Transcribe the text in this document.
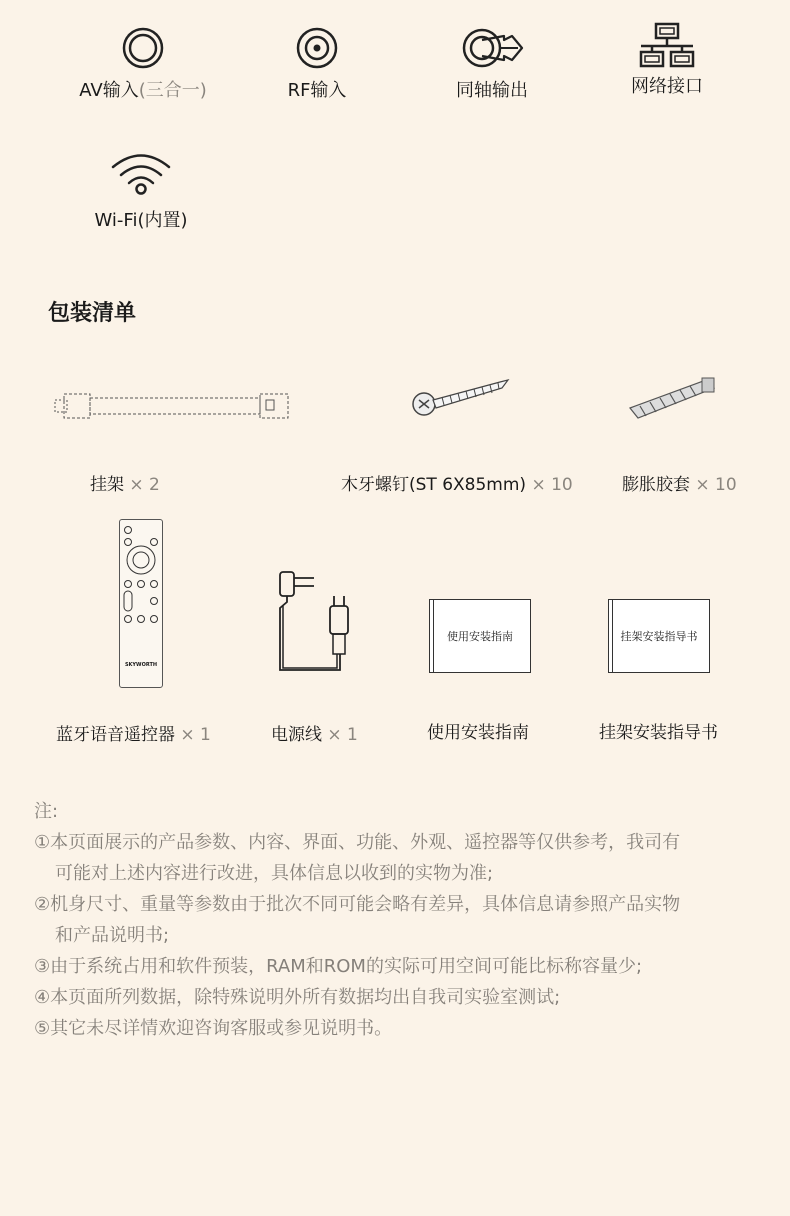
AV输入(三合一)	RF输入	同轴输出	网络接口
Wi-Fi(内置)
包装清单
挂架 × 2	木牙螺钉(ST 6X85mm) × 10	膨胀胶套 × 10
SKYWORTH
蓝牙语音遥控器 × 1	电源线 × 1
使用安装指南
使用安装指南
挂架安装指导书
挂架安装指导书

注:

①本页面展示的产品参数、内容、界面、功能、外观、遥控器等仅供参考，我司有

可能对上述内容进行改进，具体信息以收到的实物为准;

②机身尺寸、重量等参数由于批次不同可能会略有差异，具体信息请参照产品实物

和产品说明书;

③由于系统占用和软件预装，RAM和ROM的实际可用空间可能比标称容量少;

④本页面所列数据，除特殊说明外所有数据均出自我司实验室测试;

⑤其它未尽详情欢迎咨询客服或参见说明书。
